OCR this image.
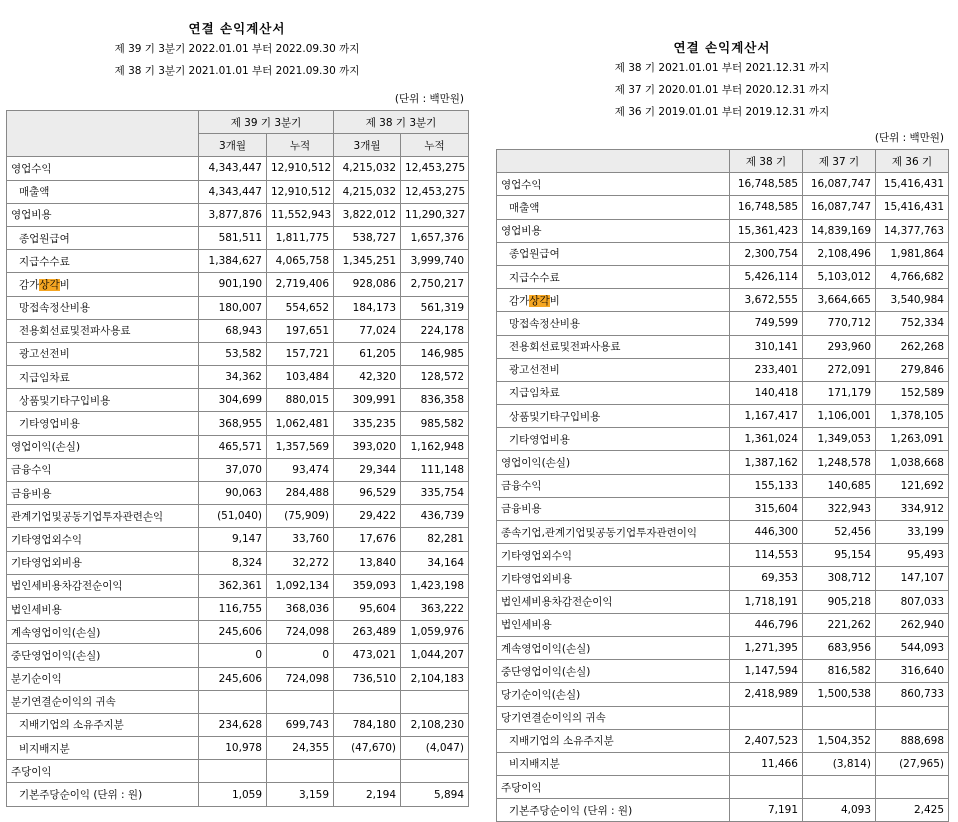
연결 손익계산서
제 39 기 3분기 2022.01.01 부터 2022.09.30 까지
제 38 기 3분기 2021.01.01 부터 2021.09.30 까지
(단위 : 백만원)
	제 39 기 3분기		제 38 기 3분기	
	3개월	누적	3개월	누적
영업수익	4,343,447	12,910,512	4,215,032	12,453,275
매출액	4,343,447	12,910,512	4,215,032	12,453,275
영업비용	3,877,876	11,552,943	3,822,012	11,290,327
종업원급여	581,511	1,811,775	538,727	1,657,376
지급수수료	1,384,627	4,065,758	1,345,251	3,999,740
감가상각비	901,190	2,719,406	928,086	2,750,217
망접속정산비용	180,007	554,652	184,173	561,319
전용회선료및전파사용료	68,943	197,651	77,024	224,178
광고선전비	53,582	157,721	61,205	146,985
지급임차료	34,362	103,484	42,320	128,572
상품및기타구입비용	304,699	880,015	309,991	836,358
기타영업비용	368,955	1,062,481	335,235	985,582
영업이익(손실)	465,571	1,357,569	393,020	1,162,948
금융수익	37,070	93,474	29,344	111,148
금융비용	90,063	284,488	96,529	335,754
관계기업및공동기업투자관련손익	(51,040)	(75,909)	29,422	436,739
기타영업외수익	9,147	33,760	17,676	82,281
기타영업외비용	8,324	32,272	13,840	34,164
법인세비용차감전순이익	362,361	1,092,134	359,093	1,423,198
법인세비용	116,755	368,036	95,604	363,222
계속영업이익(손실)	245,606	724,098	263,489	1,059,976
중단영업이익(손실)	0	0	473,021	1,044,207
분기순이익	245,606	724,098	736,510	2,104,183
분기연결순이익의 귀속				
지배기업의 소유주지분	234,628	699,743	784,180	2,108,230
비지배지분	10,978	24,355	(47,670)	(4,047)
주당이익				
기본주당순이익 (단위 : 원)	1,059	3,159	2,194	5,894
연결 손익계산서
제 38 기 2021.01.01 부터 2021.12.31 까지
제 37 기 2020.01.01 부터 2020.12.31 까지
제 36 기 2019.01.01 부터 2019.12.31 까지
(단위 : 백만원)
	제 38 기	제 37 기	제 36 기
영업수익	16,748,585	16,087,747	15,416,431
매출액	16,748,585	16,087,747	15,416,431
영업비용	15,361,423	14,839,169	14,377,763
종업원급여	2,300,754	2,108,496	1,981,864
지급수수료	5,426,114	5,103,012	4,766,682
감가상각비	3,672,555	3,664,665	3,540,984
망접속정산비용	749,599	770,712	752,334
전용회선료및전파사용료	310,141	293,960	262,268
광고선전비	233,401	272,091	279,846
지급임차료	140,418	171,179	152,589
상품및기타구입비용	1,167,417	1,106,001	1,378,105
기타영업비용	1,361,024	1,349,053	1,263,091
영업이익(손실)	1,387,162	1,248,578	1,038,668
금융수익	155,133	140,685	121,692
금융비용	315,604	322,943	334,912
종속기업,관계기업및공동기업투자관련이익	446,300	52,456	33,199
기타영업외수익	114,553	95,154	95,493
기타영업외비용	69,353	308,712	147,107
법인세비용차감전순이익	1,718,191	905,218	807,033
법인세비용	446,796	221,262	262,940
계속영업이익(손실)	1,271,395	683,956	544,093
중단영업이익(손실)	1,147,594	816,582	316,640
당기순이익(손실)	2,418,989	1,500,538	860,733
당기연결순이익의 귀속			
지배기업의 소유주지분	2,407,523	1,504,352	888,698
비지배지분	11,466	(3,814)	(27,965)
주당이익			
기본주당순이익 (단위 : 원)	7,191	4,093	2,425
